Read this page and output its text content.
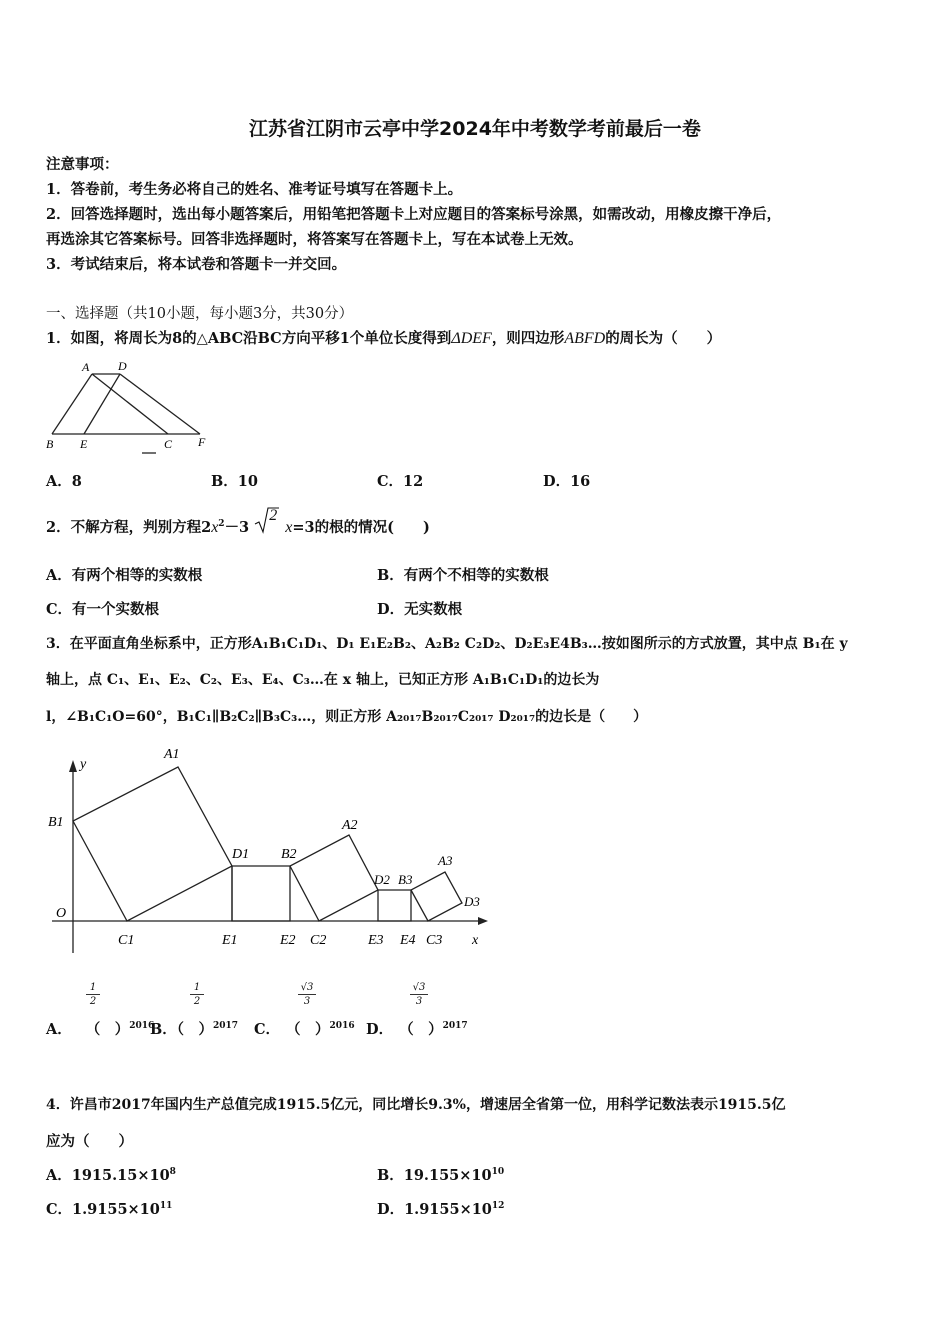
江苏省江阴市云亭中学2024年中考数学考前最后一卷
注意事项：
1．答卷前，考生务必将自己的姓名、准考证号填写在答题卡上。
2．回答选择题时，选出每小题答案后，用铅笔把答题卡上对应题目的答案标号涂黑，如需改动，用橡皮擦干净后，
再选涂其它答案标号。回答非选择题时，将答案写在答题卡上，写在本试卷上无效。
3．考试结束后，将本试卷和答题卡一并交回。
一、选择题（共10小题，每小题3分，共30分）
1．如图，将周长为8的△ABC沿BC方向平移1个单位长度得到ΔDEF，则四边形ABFD的周长为（　　）
A D
B E	C F
A．8	B．10	C．12	D．16
2．不解方程，判别方程$2x^2-3$
2
x=3的根的情况(　　)
A．有两个相等的实数根	B．有两个不相等的实数根
C．有一个实数根	D．无实数根
3．在平面直角坐标系中，正方形A₁B₁C₁D₁、D₁ E₁E₂B₂、A₂B₂ C₂D₂、D₂E₃E4B₃…按如图所示的方式放置，其中点 B₁在 y
轴上，点 C₁、E₁、E₂、C₂、E₃、E₄、C₃…在 x 轴上，已知正方形 A₁B₁C₁D₁的边长为
l，∠B₁C₁O=60°，B₁C₁∥B₂C₂∥B₃C₃…，则正方形 A₂₀₁₇B₂₀₁₇C₂₀₁₇ D₂₀₁₇的边长是（　　）
y
A1
B1	A2
D1 B2	A3
D2 B3
D3
O
C1	E1	E2 C2	E3 E4 C3 x
1
2
A． （　）$^{2016}$
1
2
B．（　）$^{2017}$
√3
3
C． （　）$^{2016}$
√3
3
D． （　）$^{2017}$
4．许昌市2017年国内生产总值完成1915.5亿元，同比增长9.3%，增速居全省第一位，用科学记数法表示1915.5亿
应为（　　）
A．$1915.15\times 10^8$	B．$19.155\times 10^{10}$
C．$1.9155\times 10^{11}$	D．$1.9155\times 10^{12}$
